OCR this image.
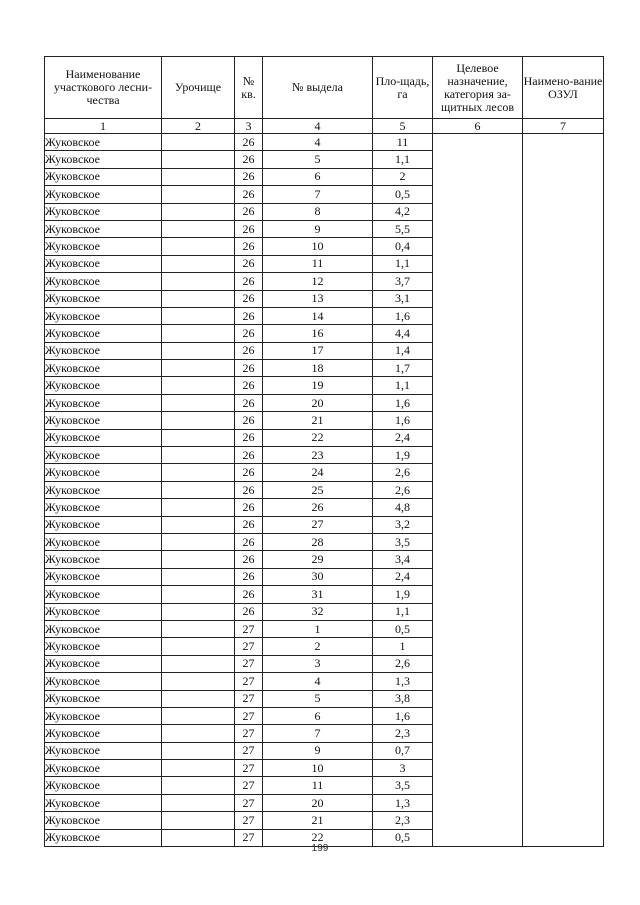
Наименование участкового лесни-чества	Урочище	№ кв.	№ выдела	Пло-щадь, га	Целевое назначение, категория за-щитных лесов	Наимено-вание ОЗУЛ
1	2	3	4	5	6	7
Жуковское		26	4	11		
Жуковское		26	5	1,1		
Жуковское		26	6	2		
Жуковское		26	7	0,5		
Жуковское		26	8	4,2		
Жуковское		26	9	5,5		
Жуковское		26	10	0,4		
Жуковское		26	11	1,1		
Жуковское		26	12	3,7		
Жуковское		26	13	3,1		
Жуковское		26	14	1,6		
Жуковское		26	16	4,4		
Жуковское		26	17	1,4		
Жуковское		26	18	1,7		
Жуковское		26	19	1,1		
Жуковское		26	20	1,6		
Жуковское		26	21	1,6		
Жуковское		26	22	2,4		
Жуковское		26	23	1,9		
Жуковское		26	24	2,6		
Жуковское		26	25	2,6		
Жуковское		26	26	4,8		
Жуковское		26	27	3,2		
Жуковское		26	28	3,5		
Жуковское		26	29	3,4		
Жуковское		26	30	2,4		
Жуковское		26	31	1,9		
Жуковское		26	32	1,1		
Жуковское		27	1	0,5		
Жуковское		27	2	1		
Жуковское		27	3	2,6		
Жуковское		27	4	1,3		
Жуковское		27	5	3,8		
Жуковское		27	6	1,6		
Жуковское		27	7	2,3		
Жуковское		27	9	0,7		
Жуковское		27	10	3		
Жуковское		27	11	3,5		
Жуковское		27	20	1,3		
Жуковское		27	21	2,3		
Жуковское		27	22	0,5		
199
